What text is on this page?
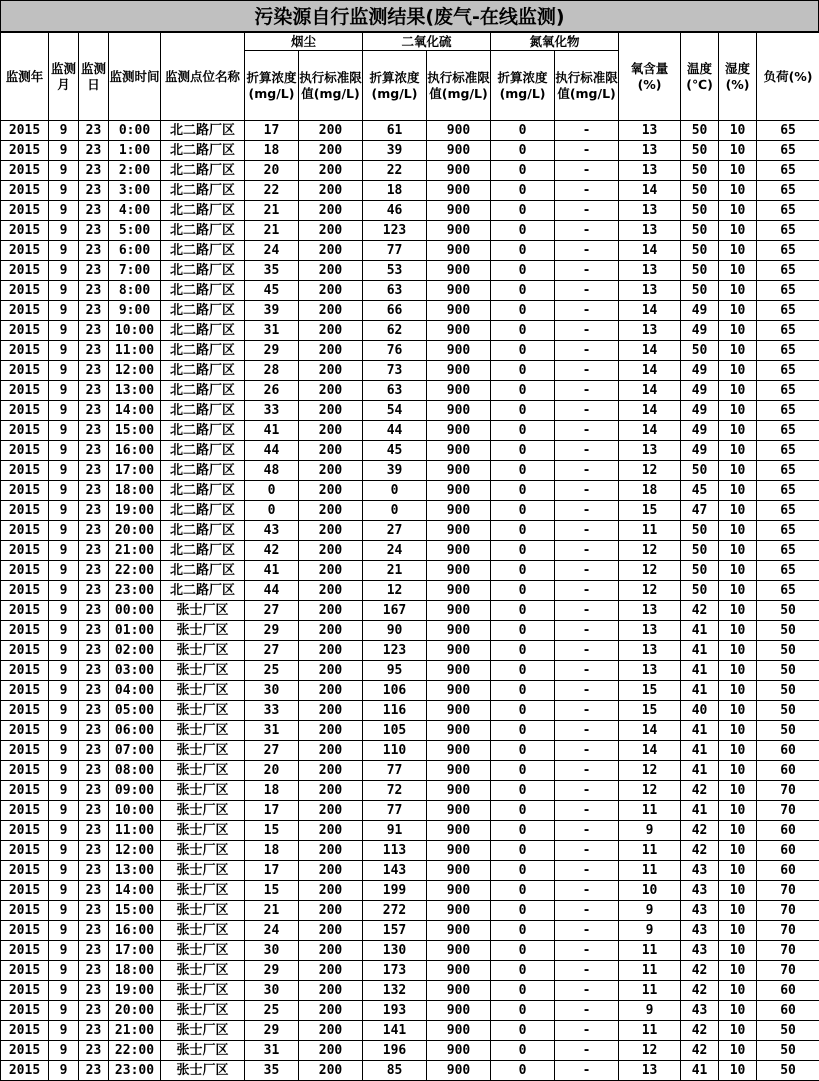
污染源自行监测结果(废气-在线监测)
监测年	监测月	监测日	监测时间	监测点位名称	烟尘		二氧化硫		氮氧化物		氧含量(%)	温度(℃)	湿度(%)	负荷(%)
					折算浓度(mg/L)	执行标准限值(mg/L)	折算浓度(mg/L)	执行标准限值(mg/L)	折算浓度(mg/L)	执行标准限值(mg/L)				
2015	9	23	0:00	北二路厂区	17	200	61	900	0	-	13	50	10	65
2015	9	23	1:00	北二路厂区	18	200	39	900	0	-	13	50	10	65
2015	9	23	2:00	北二路厂区	20	200	22	900	0	-	13	50	10	65
2015	9	23	3:00	北二路厂区	22	200	18	900	0	-	14	50	10	65
2015	9	23	4:00	北二路厂区	21	200	46	900	0	-	13	50	10	65
2015	9	23	5:00	北二路厂区	21	200	123	900	0	-	13	50	10	65
2015	9	23	6:00	北二路厂区	24	200	77	900	0	-	14	50	10	65
2015	9	23	7:00	北二路厂区	35	200	53	900	0	-	13	50	10	65
2015	9	23	8:00	北二路厂区	45	200	63	900	0	-	13	50	10	65
2015	9	23	9:00	北二路厂区	39	200	66	900	0	-	14	49	10	65
2015	9	23	10:00	北二路厂区	31	200	62	900	0	-	13	49	10	65
2015	9	23	11:00	北二路厂区	29	200	76	900	0	-	14	50	10	65
2015	9	23	12:00	北二路厂区	28	200	73	900	0	-	14	49	10	65
2015	9	23	13:00	北二路厂区	26	200	63	900	0	-	14	49	10	65
2015	9	23	14:00	北二路厂区	33	200	54	900	0	-	14	49	10	65
2015	9	23	15:00	北二路厂区	41	200	44	900	0	-	14	49	10	65
2015	9	23	16:00	北二路厂区	44	200	45	900	0	-	13	49	10	65
2015	9	23	17:00	北二路厂区	48	200	39	900	0	-	12	50	10	65
2015	9	23	18:00	北二路厂区	0	200	0	900	0	-	18	45	10	65
2015	9	23	19:00	北二路厂区	0	200	0	900	0	-	15	47	10	65
2015	9	23	20:00	北二路厂区	43	200	27	900	0	-	11	50	10	65
2015	9	23	21:00	北二路厂区	42	200	24	900	0	-	12	50	10	65
2015	9	23	22:00	北二路厂区	41	200	21	900	0	-	12	50	10	65
2015	9	23	23:00	北二路厂区	44	200	12	900	0	-	12	50	10	65
2015	9	23	00:00	张士厂区	27	200	167	900	0	-	13	42	10	50
2015	9	23	01:00	张士厂区	29	200	90	900	0	-	13	41	10	50
2015	9	23	02:00	张士厂区	27	200	123	900	0	-	13	41	10	50
2015	9	23	03:00	张士厂区	25	200	95	900	0	-	13	41	10	50
2015	9	23	04:00	张士厂区	30	200	106	900	0	-	15	41	10	50
2015	9	23	05:00	张士厂区	33	200	116	900	0	-	15	40	10	50
2015	9	23	06:00	张士厂区	31	200	105	900	0	-	14	41	10	50
2015	9	23	07:00	张士厂区	27	200	110	900	0	-	14	41	10	60
2015	9	23	08:00	张士厂区	20	200	77	900	0	-	12	41	10	60
2015	9	23	09:00	张士厂区	18	200	72	900	0	-	12	42	10	70
2015	9	23	10:00	张士厂区	17	200	77	900	0	-	11	41	10	70
2015	9	23	11:00	张士厂区	15	200	91	900	0	-	9	42	10	60
2015	9	23	12:00	张士厂区	18	200	113	900	0	-	11	42	10	60
2015	9	23	13:00	张士厂区	17	200	143	900	0	-	11	43	10	60
2015	9	23	14:00	张士厂区	15	200	199	900	0	-	10	43	10	70
2015	9	23	15:00	张士厂区	21	200	272	900	0	-	9	43	10	70
2015	9	23	16:00	张士厂区	24	200	157	900	0	-	9	43	10	70
2015	9	23	17:00	张士厂区	30	200	130	900	0	-	11	43	10	70
2015	9	23	18:00	张士厂区	29	200	173	900	0	-	11	42	10	70
2015	9	23	19:00	张士厂区	30	200	132	900	0	-	11	42	10	60
2015	9	23	20:00	张士厂区	25	200	193	900	0	-	9	43	10	60
2015	9	23	21:00	张士厂区	29	200	141	900	0	-	11	42	10	50
2015	9	23	22:00	张士厂区	31	200	196	900	0	-	12	42	10	50
2015	9	23	23:00	张士厂区	35	200	85	900	0	-	13	41	10	50
